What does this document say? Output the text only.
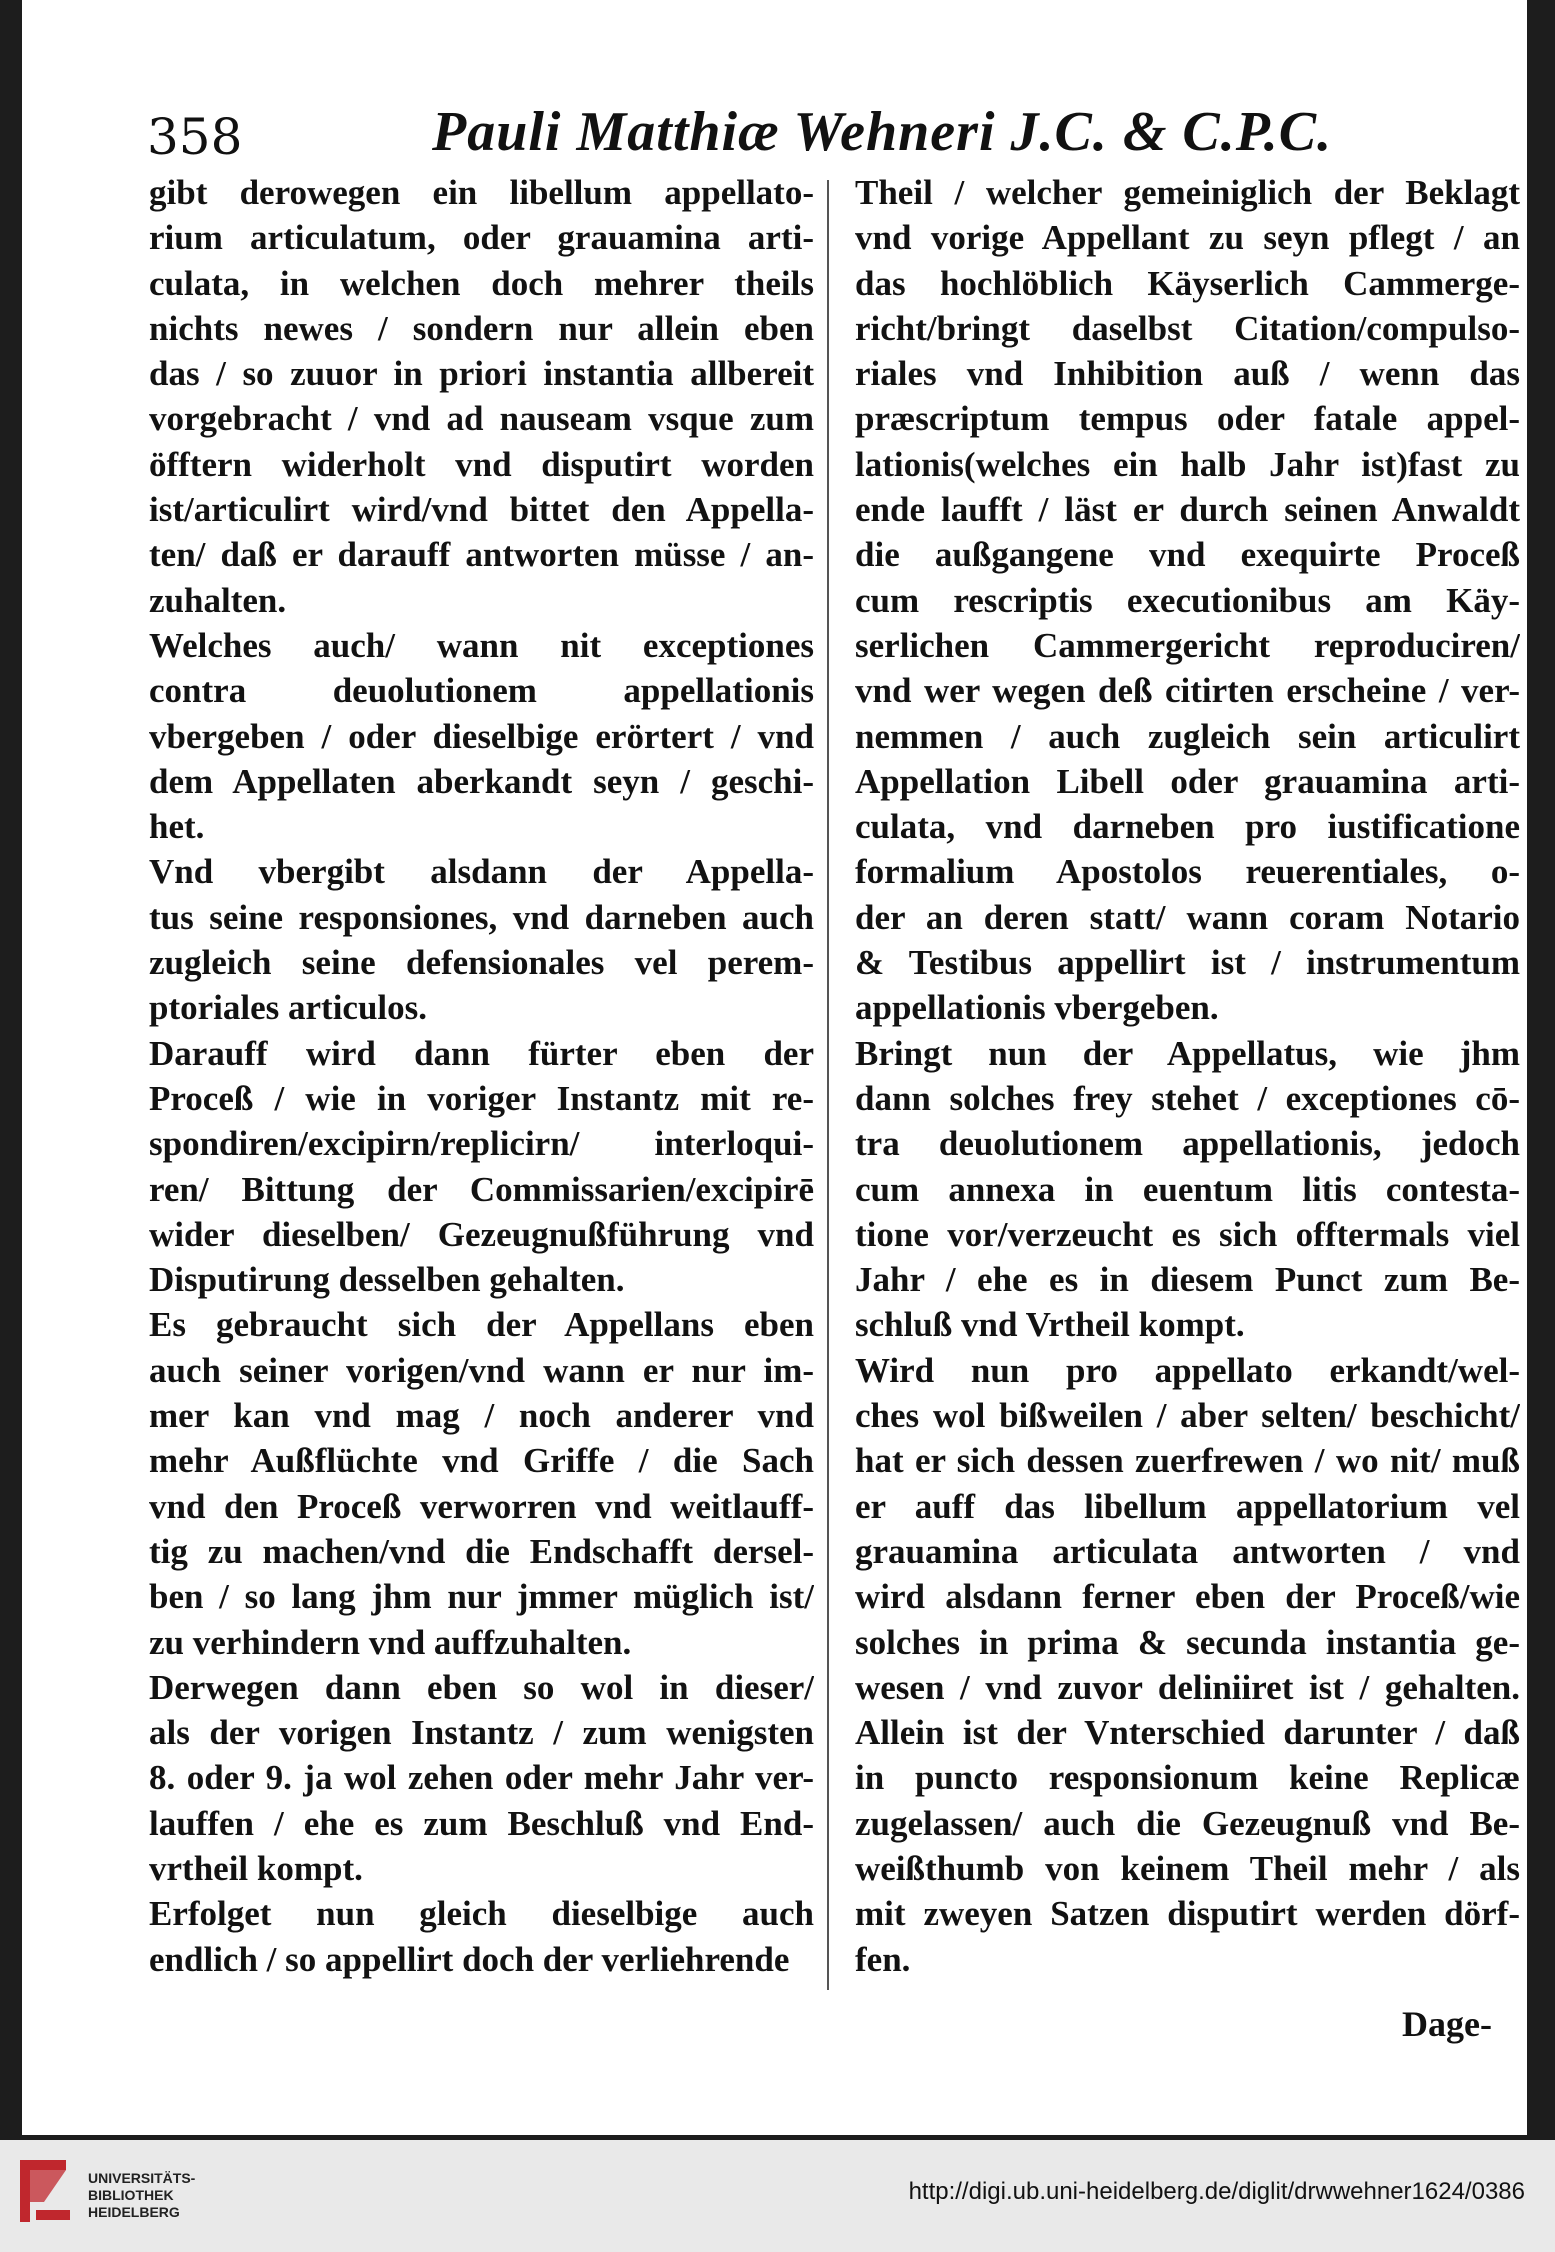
358	Pauli Matthiæ Wehneri J.C. & C.P.C.
gibt derowegen ein libellum appellato-
rium articulatum, oder grauamina arti-
culata, in welchen doch mehrer theils
nichts newes / sondern nur allein eben
das / so zuuor in priori instantia allbereit
vorgebracht / vnd ad nauseam vsque zum
öfftern widerholt vnd disputirt worden
ist/articulirt wird/vnd bittet den Appella-
ten/ daß er darauff antworten müsse / an-
zuhalten.
Welches auch/ wann nit exceptiones
contra deuolutionem appellationis
vbergeben / oder dieselbige erörtert / vnd
dem Appellaten aberkandt seyn / geschi-
het.
Vnd vbergibt alsdann der Appella-
tus seine responsiones, vnd darneben auch
zugleich seine defensionales vel perem-
ptoriales articulos.
Darauff wird dann fürter eben der
Proceß / wie in voriger Instantz mit re-
spondiren/excipirn/replicirn/ interloqui-
ren/ Bittung der Commissarien/excipirē
wider dieselben/ Gezeugnußführung vnd
Disputirung desselben gehalten.
Es gebraucht sich der Appellans eben
auch seiner vorigen/vnd wann er nur im-
mer kan vnd mag / noch anderer vnd
mehr Außflüchte vnd Griffe / die Sach
vnd den Proceß verworren vnd weitlauff-
tig zu machen/vnd die Endschafft dersel-
ben / so lang jhm nur jmmer müglich ist/
zu verhindern vnd auffzuhalten.
Derwegen dann eben so wol in dieser/
als der vorigen Instantz / zum wenigsten
8. oder 9. ja wol zehen oder mehr Jahr ver-
lauffen / ehe es zum Beschluß vnd End-
vrtheil kompt.
Erfolget nun gleich dieselbige auch
endlich / so appellirt doch der verliehrende
Theil / welcher gemeiniglich der Beklagt
vnd vorige Appellant zu seyn pflegt / an
das hochlöblich Käyserlich Cammerge-
richt/bringt daselbst Citation/compulso-
riales vnd Inhibition auß / wenn das
præscriptum tempus oder fatale appel-
lationis(welches ein halb Jahr ist)fast zu
ende laufft / läst er durch seinen Anwaldt
die außgangene vnd exequirte Proceß
cum rescriptis executionibus am Käy-
serlichen Cammergericht reproduciren/
vnd wer wegen deß citirten erscheine / ver-
nemmen / auch zugleich sein articulirt
Appellation Libell oder grauamina arti-
culata, vnd darneben pro iustificatione
formalium Apostolos reuerentiales, o-
der an deren statt/ wann coram Notario
& Testibus appellirt ist / instrumentum
appellationis vbergeben.
Bringt nun der Appellatus, wie jhm
dann solches frey stehet / exceptiones cō-
tra deuolutionem appellationis, jedoch
cum annexa in euentum litis contesta-
tione vor/verzeucht es sich offtermals viel
Jahr / ehe es in diesem Punct zum Be-
schluß vnd Vrtheil kompt.
Wird nun pro appellato erkandt/wel-
ches wol bißweilen / aber selten/ beschicht/
hat er sich dessen zuerfrewen / wo nit/ muß
er auff das libellum appellatorium vel
grauamina articulata antworten / vnd
wird alsdann ferner eben der Proceß/wie
solches in prima & secunda instantia ge-
wesen / vnd zuvor deliniiret ist / gehalten.
Allein ist der Vnterschied darunter / daß
in puncto responsionum keine Replicæ
zugelassen/ auch die Gezeugnuß vnd Be-
weißthumb von keinem Theil mehr / als
mit zweyen Satzen disputirt werden dörf-
fen.
Dage-
UNIVERSITÄTS-
BIBLIOTHEK
HEIDELBERG
http://digi.ub.uni-heidelberg.de/diglit/drwwehner1624/0386
